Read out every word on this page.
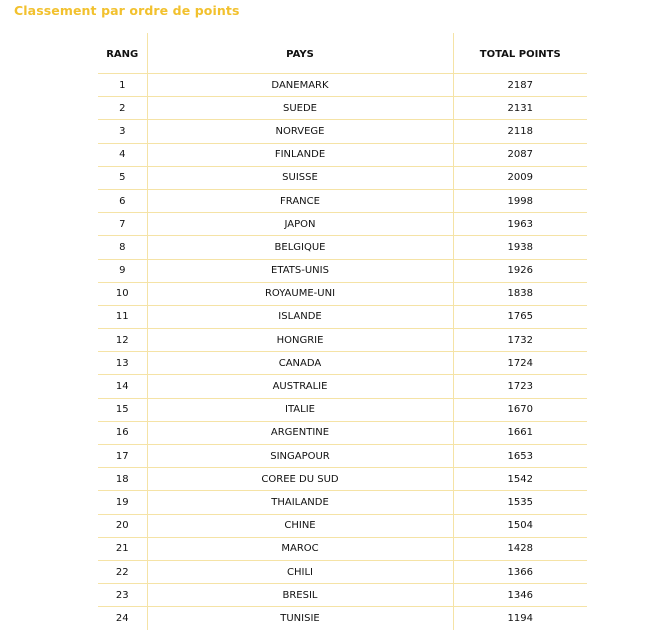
Classement par ordre de points
RANG	PAYS	TOTAL POINTS
1	DANEMARK	2187
2	SUEDE	2131
3	NORVEGE	2118
4	FINLANDE	2087
5	SUISSE	2009
6	FRANCE	1998
7	JAPON	1963
8	BELGIQUE	1938
9	ETATS-UNIS	1926
10	ROYAUME-UNI	1838
11	ISLANDE	1765
12	HONGRIE	1732
13	CANADA	1724
14	AUSTRALIE	1723
15	ITALIE	1670
16	ARGENTINE	1661
17	SINGAPOUR	1653
18	COREE DU SUD	1542
19	THAILANDE	1535
20	CHINE	1504
21	MAROC	1428
22	CHILI	1366
23	BRESIL	1346
24	TUNISIE	1194
